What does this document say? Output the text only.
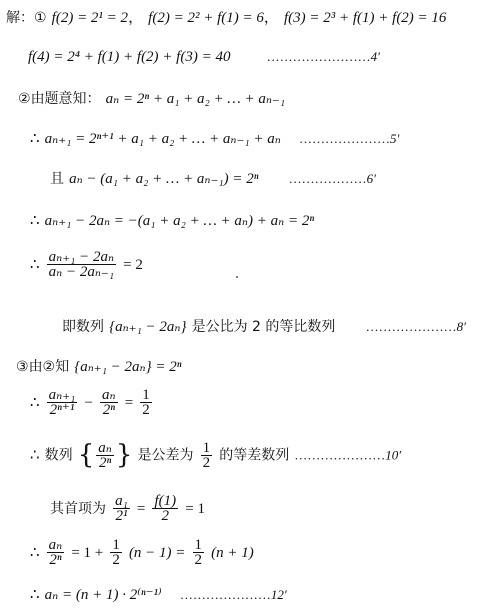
解：① f(2) = 2¹ = 2， f(2) = 2² + f(1) = 6， f(3) = 2³ + f(1) + f(2) = 16
f(4) = 2⁴ + f(1) + f(2) + f(3) = 40	……………………4′
②由题意知： aₙ = 2ⁿ + a₁ + a₂ + … + aₙ₋₁
∴ aₙ₊₁ = 2ⁿ⁺¹ + a₁ + a₂ + … + aₙ₋₁ + aₙ …………………5′
且 aₙ − (a₁ + a₂ + … + aₙ₋₁) = 2ⁿ ………………6′
∴ aₙ₊₁ − 2aₙ = −(a₁ + a₂ + … + aₙ) + aₙ = 2ⁿ
∴ $\frac{\text{aₙ₊₁ − 2aₙ}}{\text{aₙ − 2aₙ₋₁}} = 2$
即数列 {aₙ₊₁ − 2aₙ} 是公比为 2 的等比数列 …………………8′
③由②知 {aₙ₊₁ − 2aₙ} = 2ⁿ
∴ $\frac{\text{aₙ₊₁}}{\text{2ⁿ⁺¹}} - \frac{\text{aₙ}}{\text{2ⁿ}} = \frac{1}{2}$
∴ 数列 { $\frac{\text{aₙ}}{\text{2ⁿ}}$ } 是公差为 $\frac{1}{2}$ 的等差数列 …………………10′
其首项为 $\frac{\text{a₁}}{\text{2¹}} = \frac{f(1)}{2} = 1$
∴ $\frac{\text{aₙ}}{\text{2ⁿ}} = 1 + \frac{1}{2} (n - 1) = \frac{1}{2} (n + 1)$
∴ aₙ = (n + 1) · 2⁽ⁿ⁻¹⁾ …………………12′
